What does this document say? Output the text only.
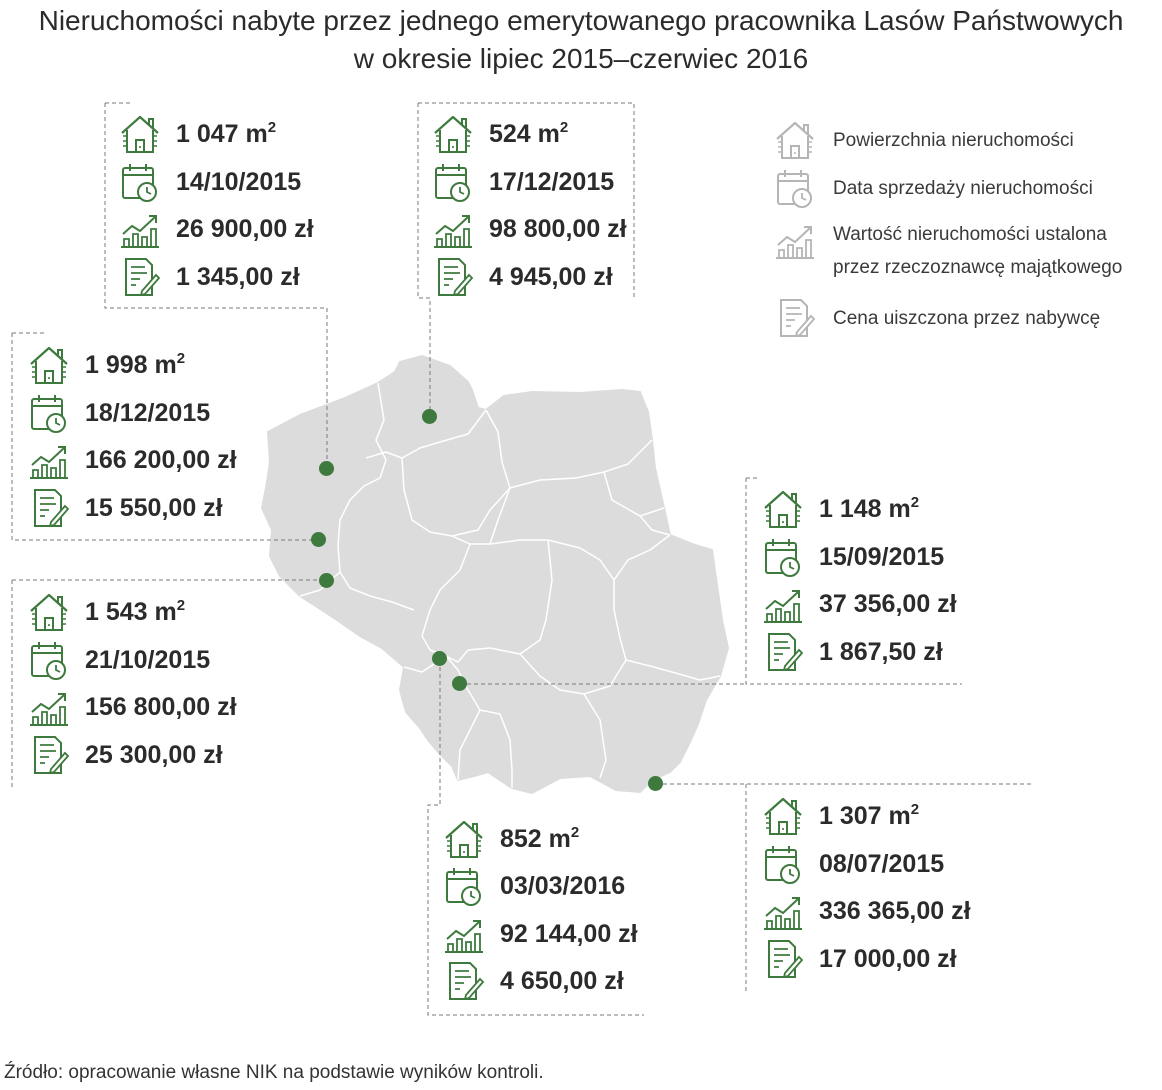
Nieruchomości nabyte przez jednego emerytowanego pracownika Lasów Państwowych
w okresie lipiec 2015–czerwiec 2016
1 047 $m^2$
14/10/2015
26 900,00 zł
1 345,00 zł
524 $m^2$
17/12/2015
98 800,00 zł
4 945,00 zł
1 998 $m^2$
18/12/2015
166 200,00 zł
15 550,00 zł	1 148 $m^2$
15/09/2015
37 356,00 zł
1 867,50 zł
1 543 $m^2$
21/10/2015
156 800,00 zł
25 300,00 zł
852 $m^2$
03/03/2016
92 144,00 zł
4 650,00 zł
1 307 $m^2$
08/07/2015
336 365,00 zł
17 000,00 zł
Powierzchnia nieruchomości
Data sprzedaży nieruchomości
Wartość nieruchomości ustalona
przez rzeczoznawcę majątkowego
Cena uiszczona przez nabywcę
Źródło: opracowanie własne NIK na podstawie wyników kontroli.
